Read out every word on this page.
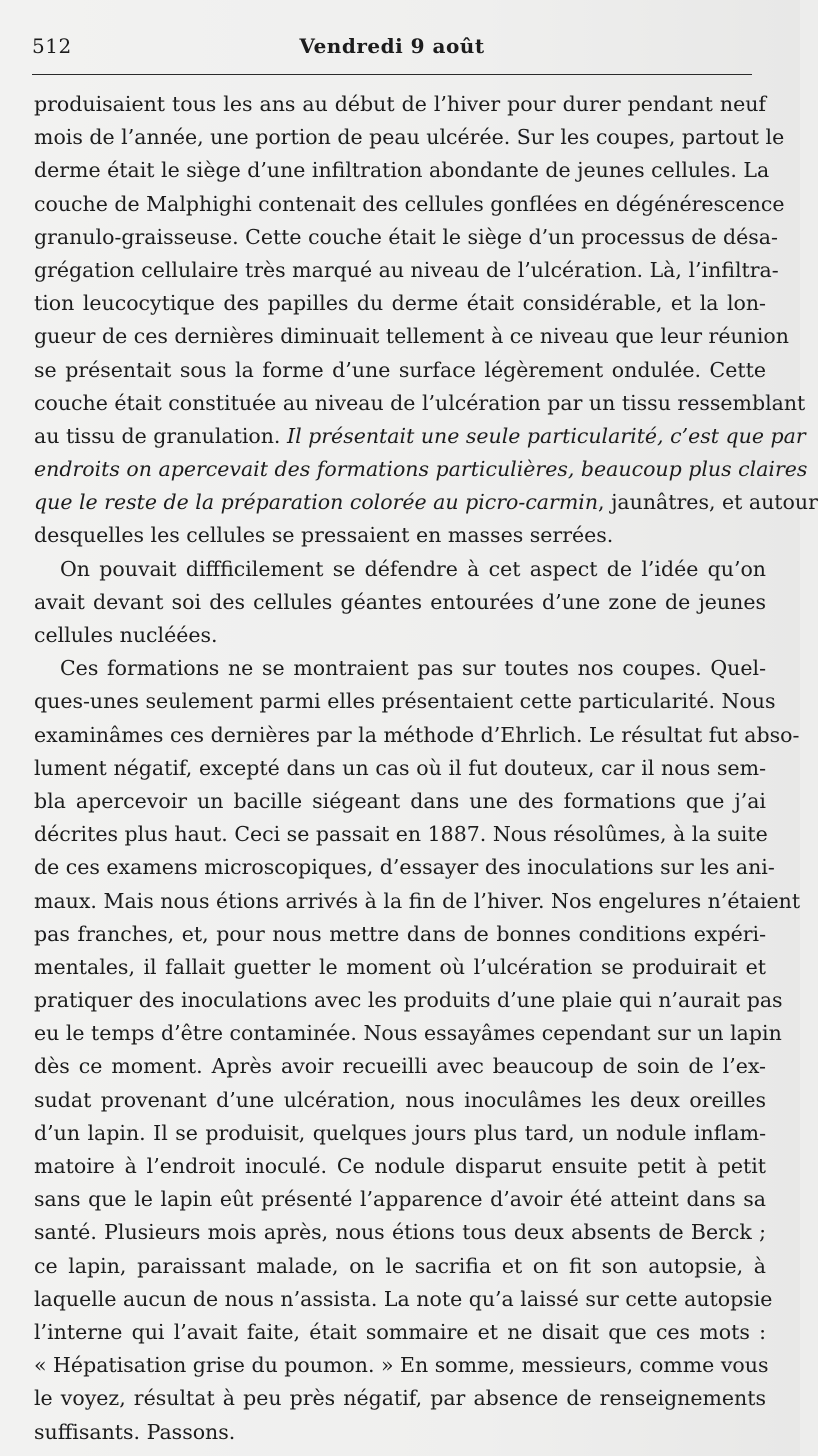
512	Vendredi 9 août
produisaient tous les ans au début de l’hiver pour durer pendant neuf
mois de l’année, une portion de peau ulcérée. Sur les coupes, partout le
derme était le siège d’une infiltration abondante de jeunes cellules. La
couche de Malphighi contenait des cellules gonflées en dégénérescence
granulo-graisseuse. Cette couche était le siège d’un processus de désa-
grégation cellulaire très marqué au niveau de l’ulcération. Là, l’infiltra-
tion leucocytique des papilles du derme était considérable, et la lon-
gueur de ces dernières diminuait tellement à ce niveau que leur réunion
se présentait sous la forme d’une surface légèrement ondulée. Cette
couche était constituée au niveau de l’ulcération par un tissu ressemblant
au tissu de granulation. Il présentait une seule particularité, c’est que par
endroits on apercevait des formations particulières, beaucoup plus claires
que le reste de la préparation colorée au picro-carmin, jaunâtres, et autour
desquelles les cellules se pressaient en masses serrées.
On pouvait diffficilement se défendre à cet aspect de l’idée qu’on
avait devant soi des cellules géantes entourées d’une zone de jeunes
cellules nucléées.
Ces formations ne se montraient pas sur toutes nos coupes. Quel-
ques-unes seulement parmi elles présentaient cette particularité. Nous
examinâmes ces dernières par la méthode d’Ehrlich. Le résultat fut abso-
lument négatif, excepté dans un cas où il fut douteux, car il nous sem-
bla apercevoir un bacille siégeant dans une des formations que j’ai
décrites plus haut. Ceci se passait en 1887. Nous résolûmes, à la suite
de ces examens microscopiques, d’essayer des inoculations sur les ani-
maux. Mais nous étions arrivés à la fin de l’hiver. Nos engelures n’étaient
pas franches, et, pour nous mettre dans de bonnes conditions expéri-
mentales, il fallait guetter le moment où l’ulcération se produirait et
pratiquer des inoculations avec les produits d’une plaie qui n’aurait pas
eu le temps d’être contaminée. Nous essayâmes cependant sur un lapin
dès ce moment. Après avoir recueilli avec beaucoup de soin de l’ex-
sudat provenant d’une ulcération, nous inoculâmes les deux oreilles
d’un lapin. Il se produisit, quelques jours plus tard, un nodule inflam-
matoire à l’endroit inoculé. Ce nodule disparut ensuite petit à petit
sans que le lapin eût présenté l’apparence d’avoir été atteint dans sa
santé. Plusieurs mois après, nous étions tous deux absents de Berck ;
ce lapin, paraissant malade, on le sacrifia et on fit son autopsie, à
laquelle aucun de nous n’assista. La note qu’a laissé sur cette autopsie
l’interne qui l’avait faite, était sommaire et ne disait que ces mots :
« Hépatisation grise du poumon. » En somme, messieurs, comme vous
le voyez, résultat à peu près négatif, par absence de renseignements
suffisants. Passons.
